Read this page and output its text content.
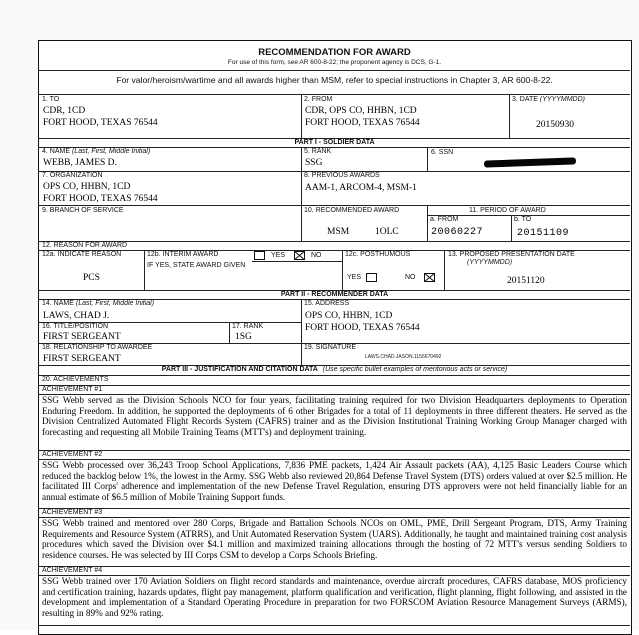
RECOMMENDATION FOR AWARD
For use of this form, see AR 600-8-22; the proponent agency is DCS, G-1.
For valor/heroism/wartime and all awards higher than MSM, refer to special instructions in Chapter 3, AR 600-8-22.
1. TO
CDR, 1CD
FORT HOOD, TEXAS 76544
2. FROM
CDR, OPS CO, HHBN, 1CD
FORT HOOD, TEXAS 76544
3. DATE (YYYYMMDD)
20150930
PART I - SOLDIER DATA
4. NAME (Last, First, Middle Initial)
WEBB, JAMES D.
5. RANK
SSG
6. SSN
7. ORGANIZATION
OPS CO, HHBN, 1CD
FORT HOOD, TEXAS 76544
8. PREVIOUS AWARDS
AAM-1, ARCOM-4, MSM-1
9. BRANCH OF SERVICE	10. RECOMMENDED AWARD
MSM	1OLC
11. PERIOD OF AWARD
a. FROM
20060227
b. TO
20151109
12. REASON FOR AWARD
12a. INDICATE REASON
PCS
12b. INTERIM AWARD	YES	NO
IF YES, STATE AWARD GIVEN
12c. POSTHUMOUS
YES	NO
13. PROPOSED PRESENTATION DATE
(YYYYMMDD)
20151120
PART II - RECOMMENDER DATA
14. NAME (Last, First, Middle Initial)
LAWS, CHAD J.
15. ADDRESS
OPS CO, HHBN, 1CD
FORT HOOD, TEXAS 76544
16. TITLE/POSITION
FIRST SERGEANT
17. RANK
1SG
18. RELATIONSHIP TO AWARDEE
FIRST SERGEANT
19. SIGNATURE
LAWS.CHAD.JASON.1156670492
PART III - JUSTIFICATION AND CITATION DATA (Use specific bullet examples of meritorious acts or service)
20. ACHIEVEMENTS
ACHIEVEMENT #1
SSG Webb served as the Division Schools NCO for four years, facilitating training required for two Division Headquarters deployments to Operation Enduring Freedom. In addition, he supported the deployments of 6 other Brigades for a total of 11 deployments in three different theaters. He served as the Division Centralized Automated Flight Records System (CAFRS) trainer and as the Division Institutional Training Working Group Manager charged with forecasting and requesting all Mobile Training Teams (MTT's) and deployment training.
ACHIEVEMENT #2
SSG Webb processed over 36,243 Troop School Applications, 7,836 PME packets, 1,424 Air Assault packets (AA), 4,125 Basic Leaders Course which reduced the backlog below 1%, the lowest in the Army. SSG Webb also reviewed 20,864 Defense Travel System (DTS) orders valued at over $2.5 million. He facilitated III Corps' adherence and implementation of the new Defense Travel Regulation, ensuring DTS approvers were not held financially liable for an annual estimate of $6.5 million of Mobile Training Support funds.
ACHIEVEMENT #3
SSG Webb trained and mentored over 280 Corps, Brigade and Battalion Schools NCOs on OML, PME, Drill Sergeant Program, DTS, Army Training Requirements and Resource System (ATRRS), and Unit Automated Reservation System (UARS). Additionally, he taught and maintained training cost analysis procedures which saved the Division over $4.1 million and maximized training allocations through the hosting of 72 MTT's versus sending Soldiers to residence courses. He was selected by III Corps CSM to develop a Corps Schools Briefing.
ACHIEVEMENT #4
SSG Webb trained over 170 Aviation Soldiers on flight record standards and maintenance, overdue aircraft procedures, CAFRS database, MOS proficiency and certification training, hazards updates, flight pay management, platform qualification and verification, flight planning, flight following, and assisted in the development and implementation of a Standard Operating Procedure in preparation for two FORSCOM Aviation Resource Management Surveys (ARMS), resulting in 89% and 92% rating.
